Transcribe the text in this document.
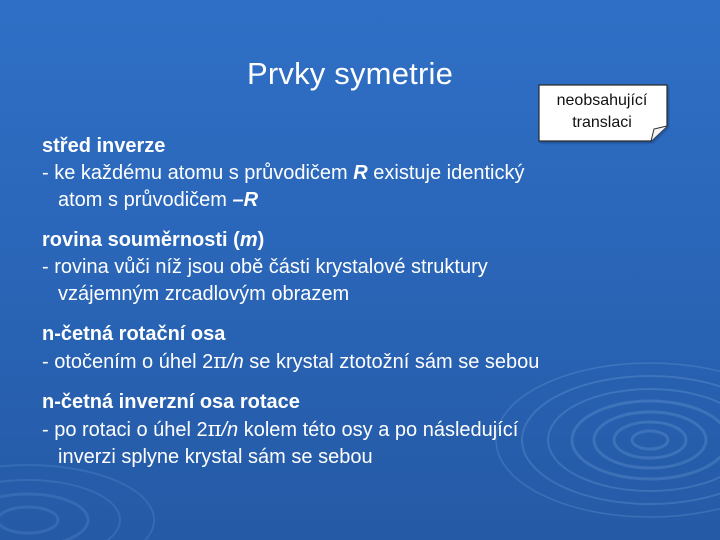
Prvky symetrie
neobsahující
translaci
střed inverze
- ke každému atomu s průvodičem R existuje identický
atom s průvodičem –R
rovina souměrnosti (m)
- rovina vůči níž jsou obě části krystalové struktury
vzájemným zrcadlovým obrazem
n-četná rotační osa
- otočením o úhel 2π/n se krystal ztotožní sám se sebou
n-četná inverzní osa rotace
- po rotaci o úhel 2π/n kolem této osy a po následující
inverzi splyne krystal sám se sebou
